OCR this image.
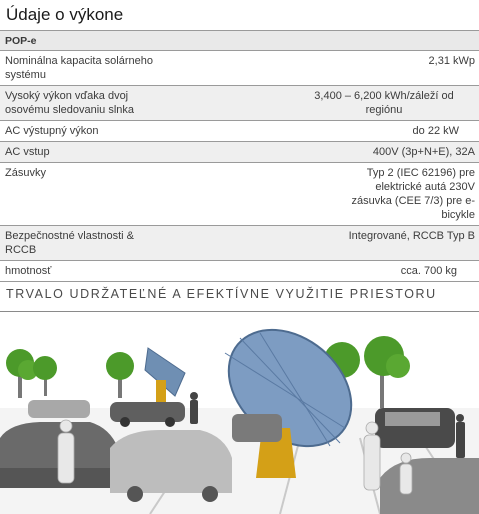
Údaje o výkone
POP-e	
Nominálna kapacita solárneho systému	2,31 kWp
Vysoký výkon vďaka dvoj osovému sledovaniu slnka	3,400 – 6,200 kWh/záleží od regiónu
AC výstupný výkon	do 22 kW
AC vstup	400V (3p+N+E), 32A
Zásuvky	Typ 2 (IEC 62196) pre elektrické autá 230V zásuvka (CEE 7/3) pre e-bicykle
Bezpečnostné vlastnosti & RCCB	Integrované, RCCB Typ B
hmotnosť	cca. 700 kg
TRVALO UDRŽATEĽNÉ A EFEKTÍVNE VYUŽITIE PRIESTORU
